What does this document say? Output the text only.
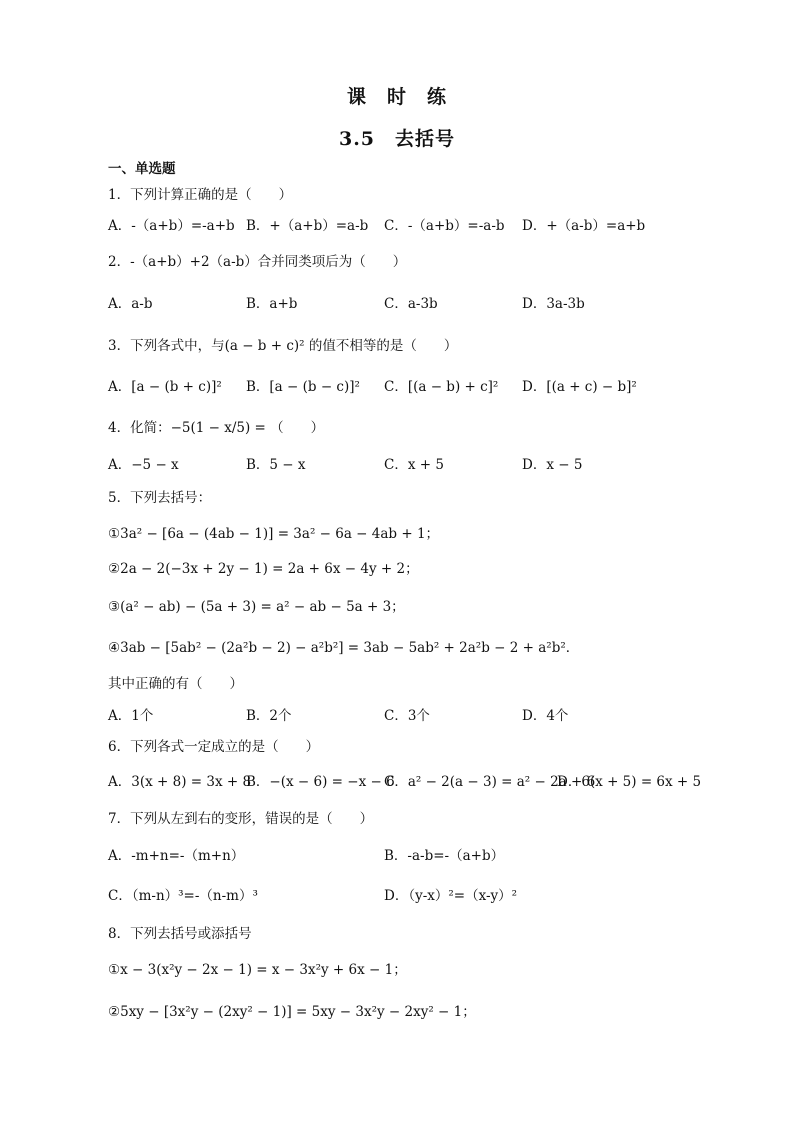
课　时　练
3.5　去括号
一、单选题
1．下列计算正确的是（　　）
A．-（a+b）=-a+b B．+（a+b）=a-b C．-（a+b）=-a-b D．+（a-b）=a+b
2．-（a+b）+2（a-b）合并同类项后为（　　）
A．a-b	B．a+b	C．a-3b	D．3a-3b
3．下列各式中，与(a − b + c)² 的值不相等的是（　　）
A．[a − (b + c)]² B．[a − (b − c)]² C．[(a − b) + c]² D．[(a + c) − b]²
4．化简：−5(1 − x/5) = （　　）
A．−5 − x	B．5 − x	C．x + 5	D．x − 5
5．下列去括号：
①3a² − [6a − (4ab − 1)] = 3a² − 6a − 4ab + 1；
②2a − 2(−3x + 2y − 1) = 2a + 6x − 4y + 2；
③(a² − ab) − (5a + 3) = a² − ab − 5a + 3；
④3ab − [5ab² − (2a²b − 2) − a²b²] = 3ab − 5ab² + 2a²b − 2 + a²b²．
其中正确的有（　　）
A．1个	B．2个	C．3个	D．4个
6．下列各式一定成立的是（　　）
A．3(x + 8) = 3x + 8
B．−(x − 6) = −x − 6
C．a² − 2(a − 3) = a² − 2a + 6
D．6(x + 5) = 6x + 5
7．下列从左到右的变形，错误的是（　　）
A．-m+n=-（m+n）	B．-a-b=-（a+b）
C．（m-n）³=-（n-m）³	D．（y-x）²=（x-y）²
8．下列去括号或添括号
①x − 3(x²y − 2x − 1) = x − 3x²y + 6x − 1；
②5xy − [3x²y − (2xy² − 1)] = 5xy − 3x²y − 2xy² − 1；
